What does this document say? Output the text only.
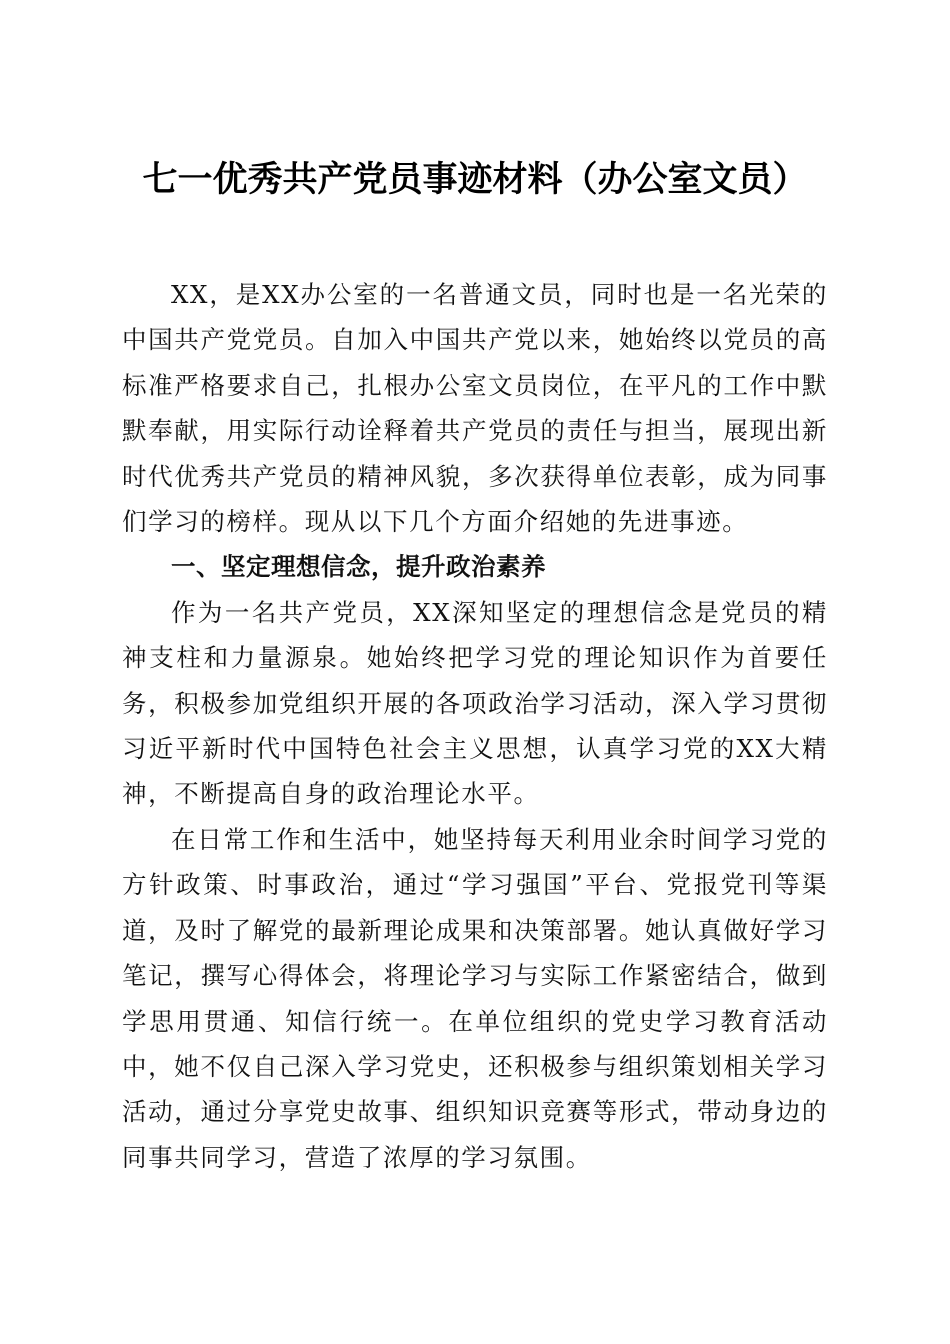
七一优秀共产党员事迹材料（办公室文员）

XX，是XX办公室的一名普通文员，同时也是一名光荣的中国共产党党员。自加入中国共产党以来，她始终以党员的高标准严格要求自己，扎根办公室文员岗位，在平凡的工作中默默奉献，用实际行动诠释着共产党员的责任与担当，展现出新时代优秀共产党员的精神风貌，多次获得单位表彰，成为同事们学习的榜样。现从以下几个方面介绍她的先进事迹。

一、坚定理想信念，提升政治素养

作为一名共产党员，XX深知坚定的理想信念是党员的精神支柱和力量源泉。她始终把学习党的理论知识作为首要任务，积极参加党组织开展的各项政治学习活动，深入学习贯彻习近平新时代中国特色社会主义思想，认真学习党的XX大精神，不断提高自身的政治理论水平。

在日常工作和生活中，她坚持每天利用业余时间学习党的方针政策、时事政治，通过“学习强国”平台、党报党刊等渠道，及时了解党的最新理论成果和决策部署。她认真做好学习笔记，撰写心得体会，将理论学习与实际工作紧密结合，做到学思用贯通、知信行统一。在单位组织的党史学习教育活动中，她不仅自己深入学习党史，还积极参与组织策划相关学习活动，通过分享党史故事、组织知识竞赛等形式，带动身边的同事共同学习，营造了浓厚的学习氛围。
